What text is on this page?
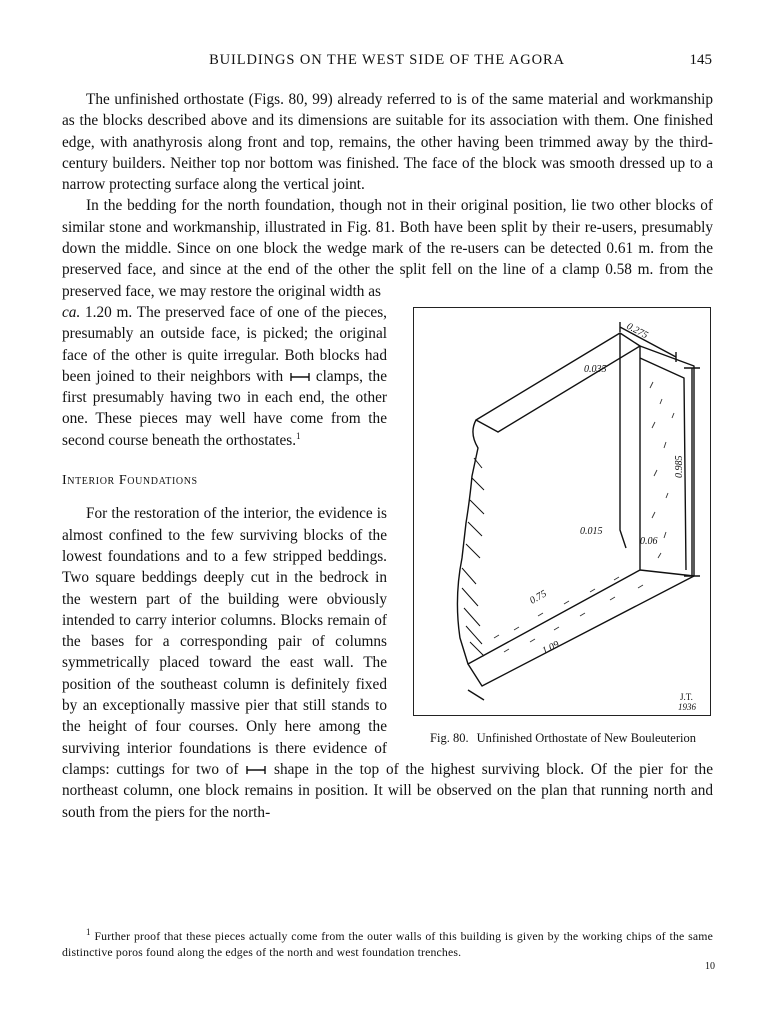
BUILDINGS ON THE WEST SIDE OF THE AGORA	145

The unfinished orthostate (Figs. 80, 99) already referred to is of the same material and workmanship as the blocks described above and its dimensions are suitable for its association with them. One finished edge, with anathyrosis along front and top, remains, the other having been trimmed away by the third-century builders. Neither top nor bottom was finished. The face of the block was smooth dressed up to a narrow protecting surface along the vertical joint.

In the bedding for the north foundation, though not in their original position, lie two other blocks of similar stone and workmanship, illustrated in Fig. 81. Both have been split by their re-users, presumably down the middle. Since on one block the wedge mark of the re-users can be detected 0.61 m. from the preserved face, and since at the end of the other the split fell on the line of a clamp 0.58 m. from the preserved face, we may restore the original width as

0.275
0.035
0.985
0.015
0.06
0.75
1.09
J.T.
1936
Fig. 80. Unfinished Orthostate of New Bouleuterion

ca. 1.20 m. The preserved face of one of the pieces, presumably an outside face, is picked; the original face of the other is quite irregular. Both blocks had been joined to their neighbors with  clamps, the first presumably having two in each end, the other one. These pieces may well have come from the second course beneath the orthostates.$^1$

Interior Foundations

For the restoration of the interior, the evidence is almost confined to the few surviving blocks of the lowest foundations and to a few stripped beddings. Two square beddings deeply cut in the bedrock in the western part of the building were obviously intended to carry interior columns. Blocks remain of the bases for a corresponding pair of columns symmetrically placed toward the east wall. The position of the southeast column is definitely fixed by an exceptionally massive pier that still stands to the height of four courses. Only here among the surviving interior foundations is there evidence of clamps: cuttings for two of  shape in the top of the highest surviving block. Of the pier for the northeast column, one block remains in position. It will be observed on the plan that running north and south from the piers for the north-

$^1$ Further proof that these pieces actually come from the outer walls of this building is given by the working chips of the same distinctive poros found along the edges of the north and west foundation trenches.
10
